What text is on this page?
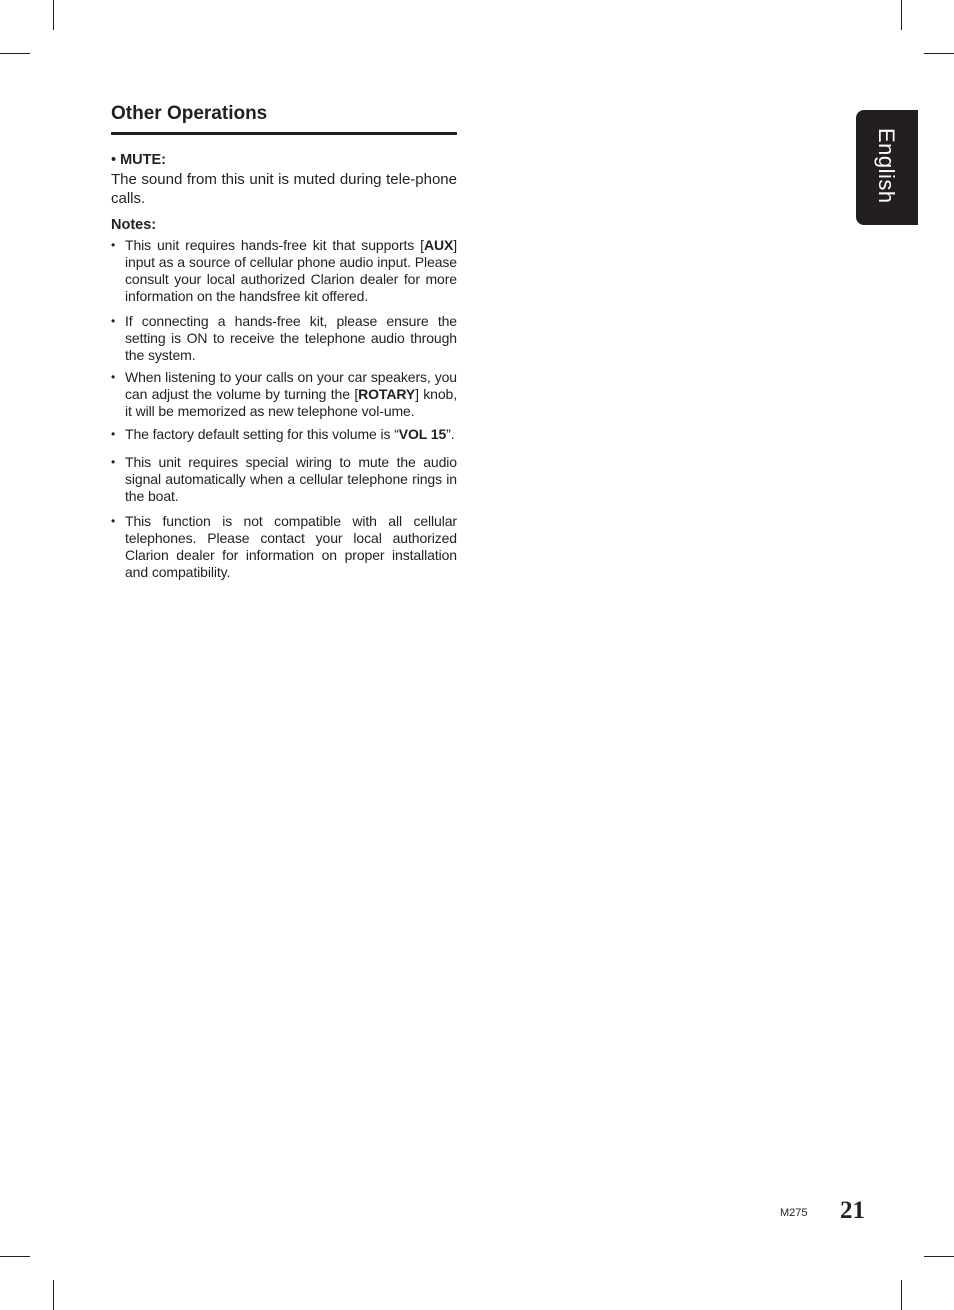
Other Operations
• MUTE:
The sound from this unit is muted during tele-phone calls.
Notes:
• This unit requires hands-free kit that supports [AUX] input as a source of cellular phone audio input. Please consult your local authorized Clarion dealer for more information on the handsfree kit offered.
• If connecting a hands-free kit, please ensure the setting is ON to receive the telephone audio through the system.
• When listening to your calls on your car speakers, you can adjust the volume by turning the [ROTARY] knob, it will be memorized as new telephone vol-ume.
• The factory default setting for this volume is “VOL 15”.
• This unit requires special wiring to mute the audio signal automatically when a cellular telephone rings in the boat.
• This function is not compatible with all cellular telephones. Please contact your local authorized Clarion dealer for information on proper installation and compatibility.
English
M275 21
